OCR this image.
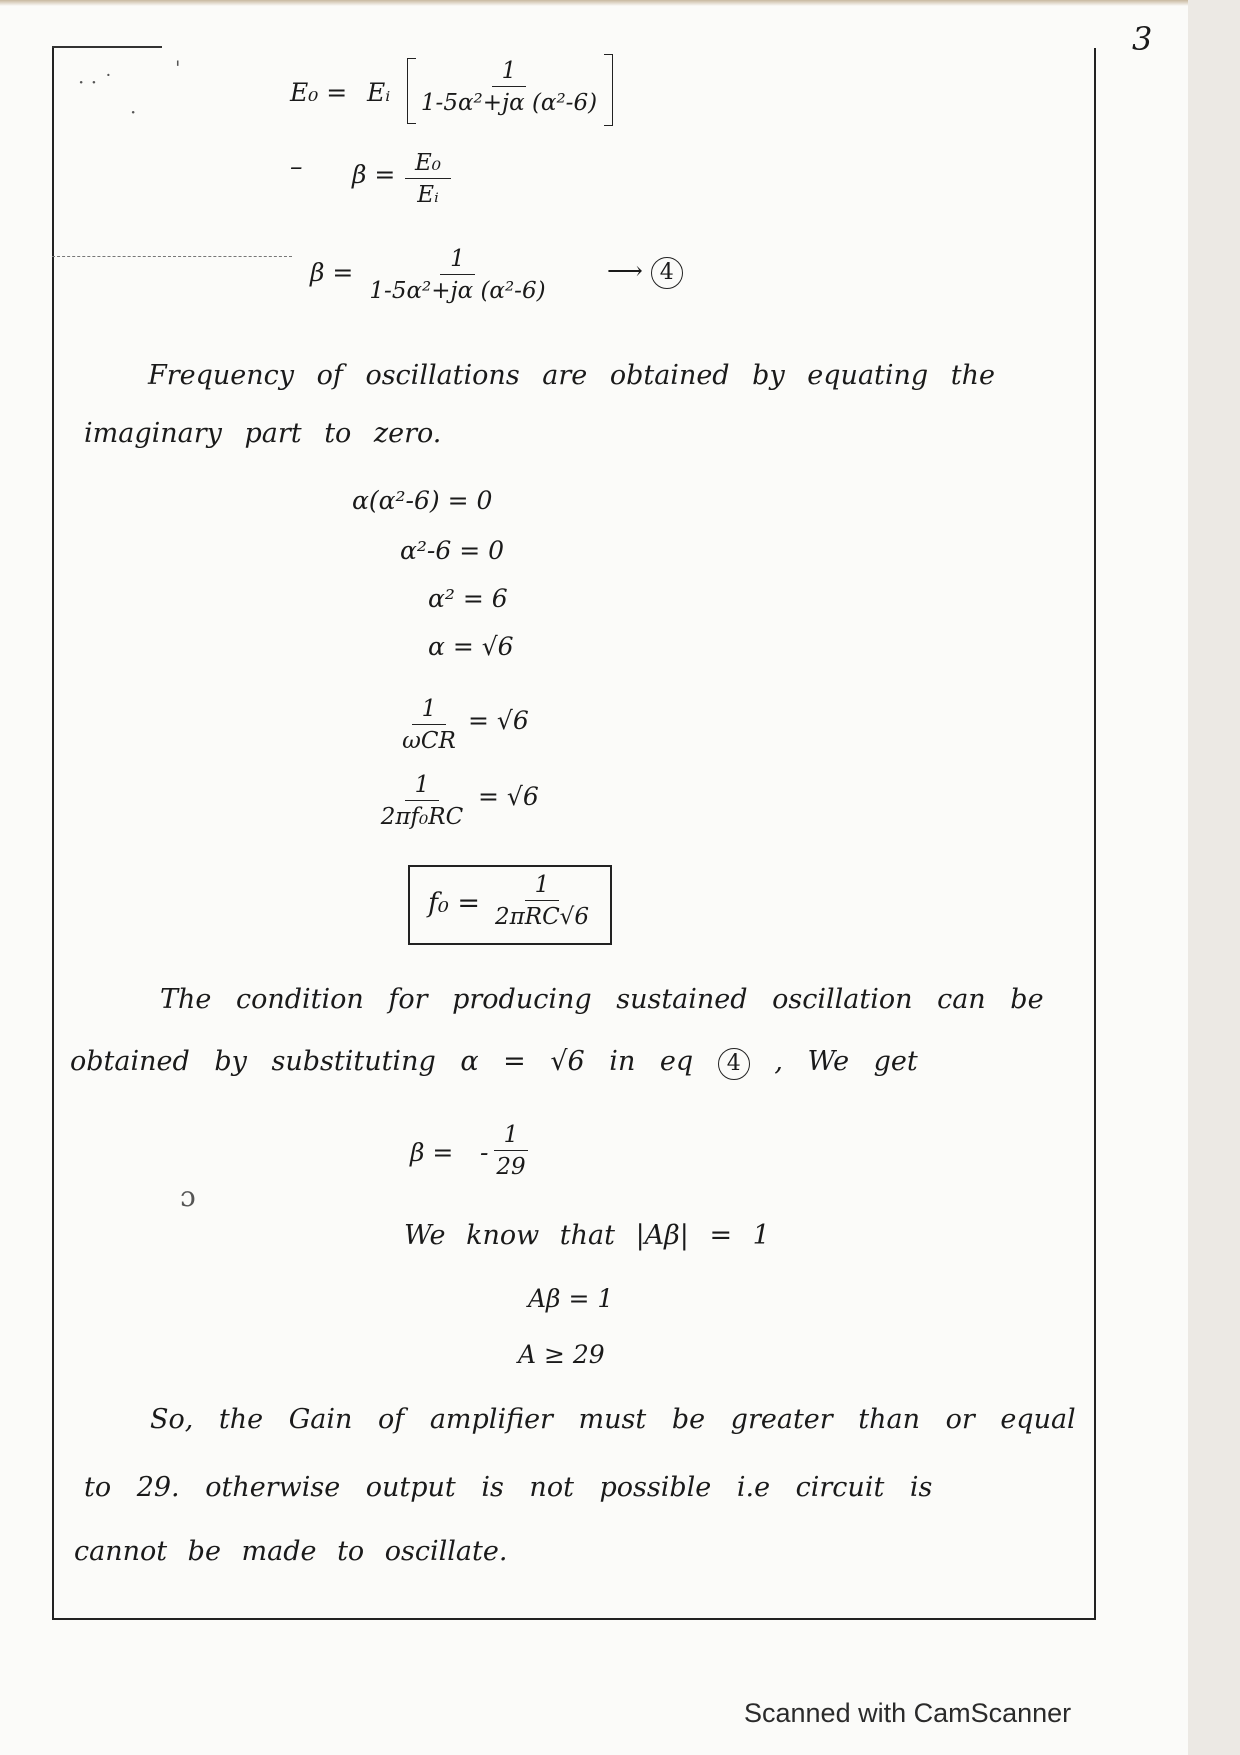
· · ˙
'
·
3
E₀ = Eᵢ $\frac{1}{\text{1-5α²+jα (α²-6)}}$
– $\beta = \frac{\text{E₀}}{\text{Eᵢ}}$
$\beta = \frac{1}{\text{1-5α²+jα (α²-6)}}$ ⟶ 4
Frequency of oscillations are obtained by equating the
imaginary part to zero.
α(α²-6) = 0
α²-6 = 0
α² = 6
α = √6
1
ωCR
= √6
$\frac{1}{\text{2πf₀RC}} = √6$
f₀ =
1
2πRC√6
The condition for producing sustained oscillation can be
obtained by substituting α = √6 in eq 4 , We get
β = - $\frac{1}{29}$
ɔ
We know that |Aβ| = 1
Aβ = 1
A ≥ 29
So, the Gain of amplifier must be greater than or equal
to 29. otherwise output is not possible i.e circuit is
cannot be made to oscillate.
Scanned with CamScanner
